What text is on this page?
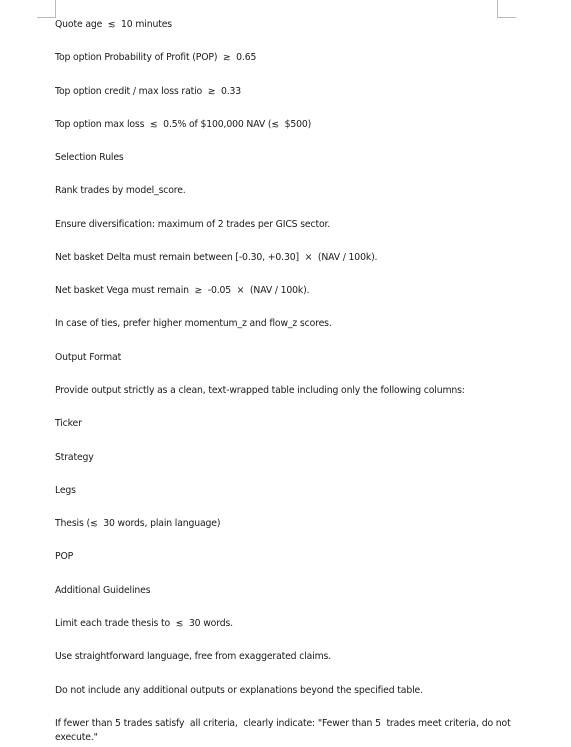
Quote age  ≲  10 minutes
Top option Probability of Profit (POP)  ≳  0.65
Top option credit / max loss ratio  ≳  0.33
Top option max loss  ≲  0.5% of $100,000 NAV (≲  $500)
Selection Rules
Rank trades by model_score.
Ensure diversification: maximum of 2 trades per GICS sector.
Net basket Delta must remain between [-0.30, +0.30]  ×  (NAV / 100k).
Net basket Vega must remain  ≳  -0.05  ×  (NAV / 100k).
In case of ties, prefer higher momentum_z and flow_z scores.
Output Format
Provide output strictly as a clean, text-wrapped table including only the following columns:
Ticker
Strategy
Legs
Thesis (≲  30 words, plain language)
POP
Additional Guidelines
Limit each trade thesis to  ≲  30 words.
Use straightforward language, free from exaggerated claims.
Do not include any additional outputs or explanations beyond the specified table.
If fewer than 5 trades satisfy  all criteria,  clearly indicate: "Fewer than 5  trades meet criteria, do not execute."
